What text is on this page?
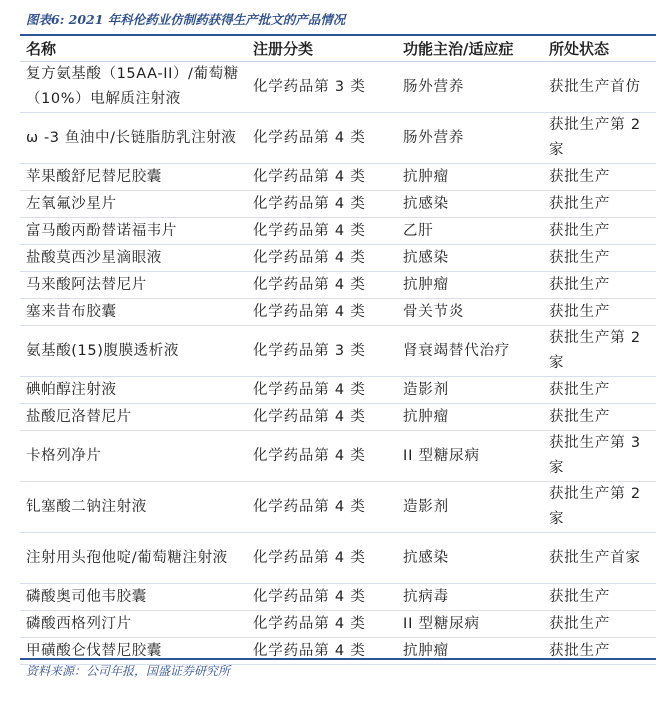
图表6: 2021 年科伦药业仿制药获得生产批文的产品情况
名称	注册分类	功能主治/适应症	所处状态
复方氨基酸（15AA-II）/葡萄糖（10%）电解质注射液	化学药品第 3 类	肠外营养	获批生产首仿
ω -3 鱼油中/长链脂肪乳注射液	化学药品第 4 类	肠外营养	获批生产第 2 家
苹果酸舒尼替尼胶囊	化学药品第 4 类	抗肿瘤	获批生产
左氧氟沙星片	化学药品第 4 类	抗感染	获批生产
富马酸丙酚替诺福韦片	化学药品第 4 类	乙肝	获批生产
盐酸莫西沙星滴眼液	化学药品第 4 类	抗感染	获批生产
马来酸阿法替尼片	化学药品第 4 类	抗肿瘤	获批生产
塞来昔布胶囊	化学药品第 4 类	骨关节炎	获批生产
氨基酸(15)腹膜透析液	化学药品第 3 类	肾衰竭替代治疗	获批生产第 2 家
碘帕醇注射液	化学药品第 4 类	造影剂	获批生产
盐酸厄洛替尼片	化学药品第 4 类	抗肿瘤	获批生产
卡格列净片	化学药品第 4 类	II 型糖尿病	获批生产第 3 家
钆塞酸二钠注射液	化学药品第 4 类	造影剂	获批生产第 2 家
注射用头孢他啶/葡萄糖注射液	化学药品第 4 类	抗感染	获批生产首家
磷酸奥司他韦胶囊	化学药品第 4 类	抗病毒	获批生产
磷酸西格列汀片	化学药品第 4 类	II 型糖尿病	获批生产
甲磺酸仑伐替尼胶囊	化学药品第 4 类	抗肿瘤	获批生产
资料来源：公司年报，国盛证券研究所
